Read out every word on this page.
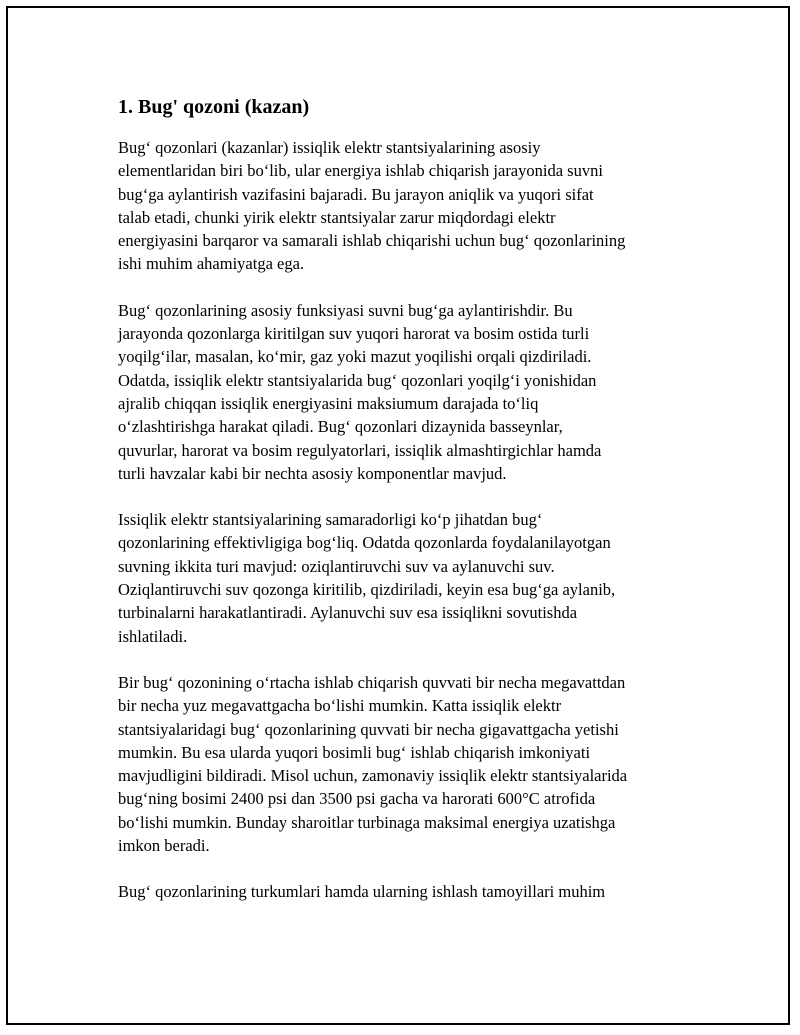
1. Bug' qozoni (kazan)

Bug‘ qozonlari (kazanlar) issiqlik elektr stantsiyalarining asosiy
elementlaridan biri bo‘lib, ular energiya ishlab chiqarish jarayonida suvni
bug‘ga aylantirish vazifasini bajaradi. Bu jarayon aniqlik va yuqori sifat
talab etadi, chunki yirik elektr stantsiyalar zarur miqdordagi elektr
energiyasini barqaror va samarali ishlab chiqarishi uchun bug‘ qozonlarining
ishi muhim ahamiyatga ega.

Bug‘ qozonlarining asosiy funksiyasi suvni bug‘ga aylantirishdir. Bu
jarayonda qozonlarga kiritilgan suv yuqori harorat va bosim ostida turli
yoqilg‘ilar, masalan, ko‘mir, gaz yoki mazut yoqilishi orqali qizdiriladi.
Odatda, issiqlik elektr stantsiyalarida bug‘ qozonlari yoqilg‘i yonishidan
ajralib chiqqan issiqlik energiyasini maksiumum darajada to‘liq
o‘zlashtirishga harakat qiladi. Bug‘ qozonlari dizaynida basseynlar,
quvurlar, harorat va bosim regulyatorlari, issiqlik almashtirgichlar hamda
turli havzalar kabi bir nechta asosiy komponentlar mavjud.

Issiqlik elektr stantsiyalarining samaradorligi ko‘p jihatdan bug‘
qozonlarining effektivligiga bog‘liq. Odatda qozonlarda foydalanilayotgan
suvning ikkita turi mavjud: oziqlantiruvchi suv va aylanuvchi suv.
Oziqlantiruvchi suv qozonga kiritilib, qizdiriladi, keyin esa bug‘ga aylanib,
turbinalarni harakatlantiradi. Aylanuvchi suv esa issiqlikni sovutishda
ishlatiladi.

Bir bug‘ qozonining o‘rtacha ishlab chiqarish quvvati bir necha megavattdan
bir necha yuz megavattgacha bo‘lishi mumkin. Katta issiqlik elektr
stantsiyalaridagi bug‘ qozonlarining quvvati bir necha gigavattgacha yetishi
mumkin. Bu esa ularda yuqori bosimli bug‘ ishlab chiqarish imkoniyati
mavjudligini bildiradi. Misol uchun, zamonaviy issiqlik elektr stantsiyalarida
bug‘ning bosimi 2400 psi dan 3500 psi gacha va harorati 600°C atrofida
bo‘lishi mumkin. Bunday sharoitlar turbinaga maksimal energiya uzatishga
imkon beradi.

Bug‘ qozonlarining turkumlari hamda ularning ishlash tamoyillari muhim
